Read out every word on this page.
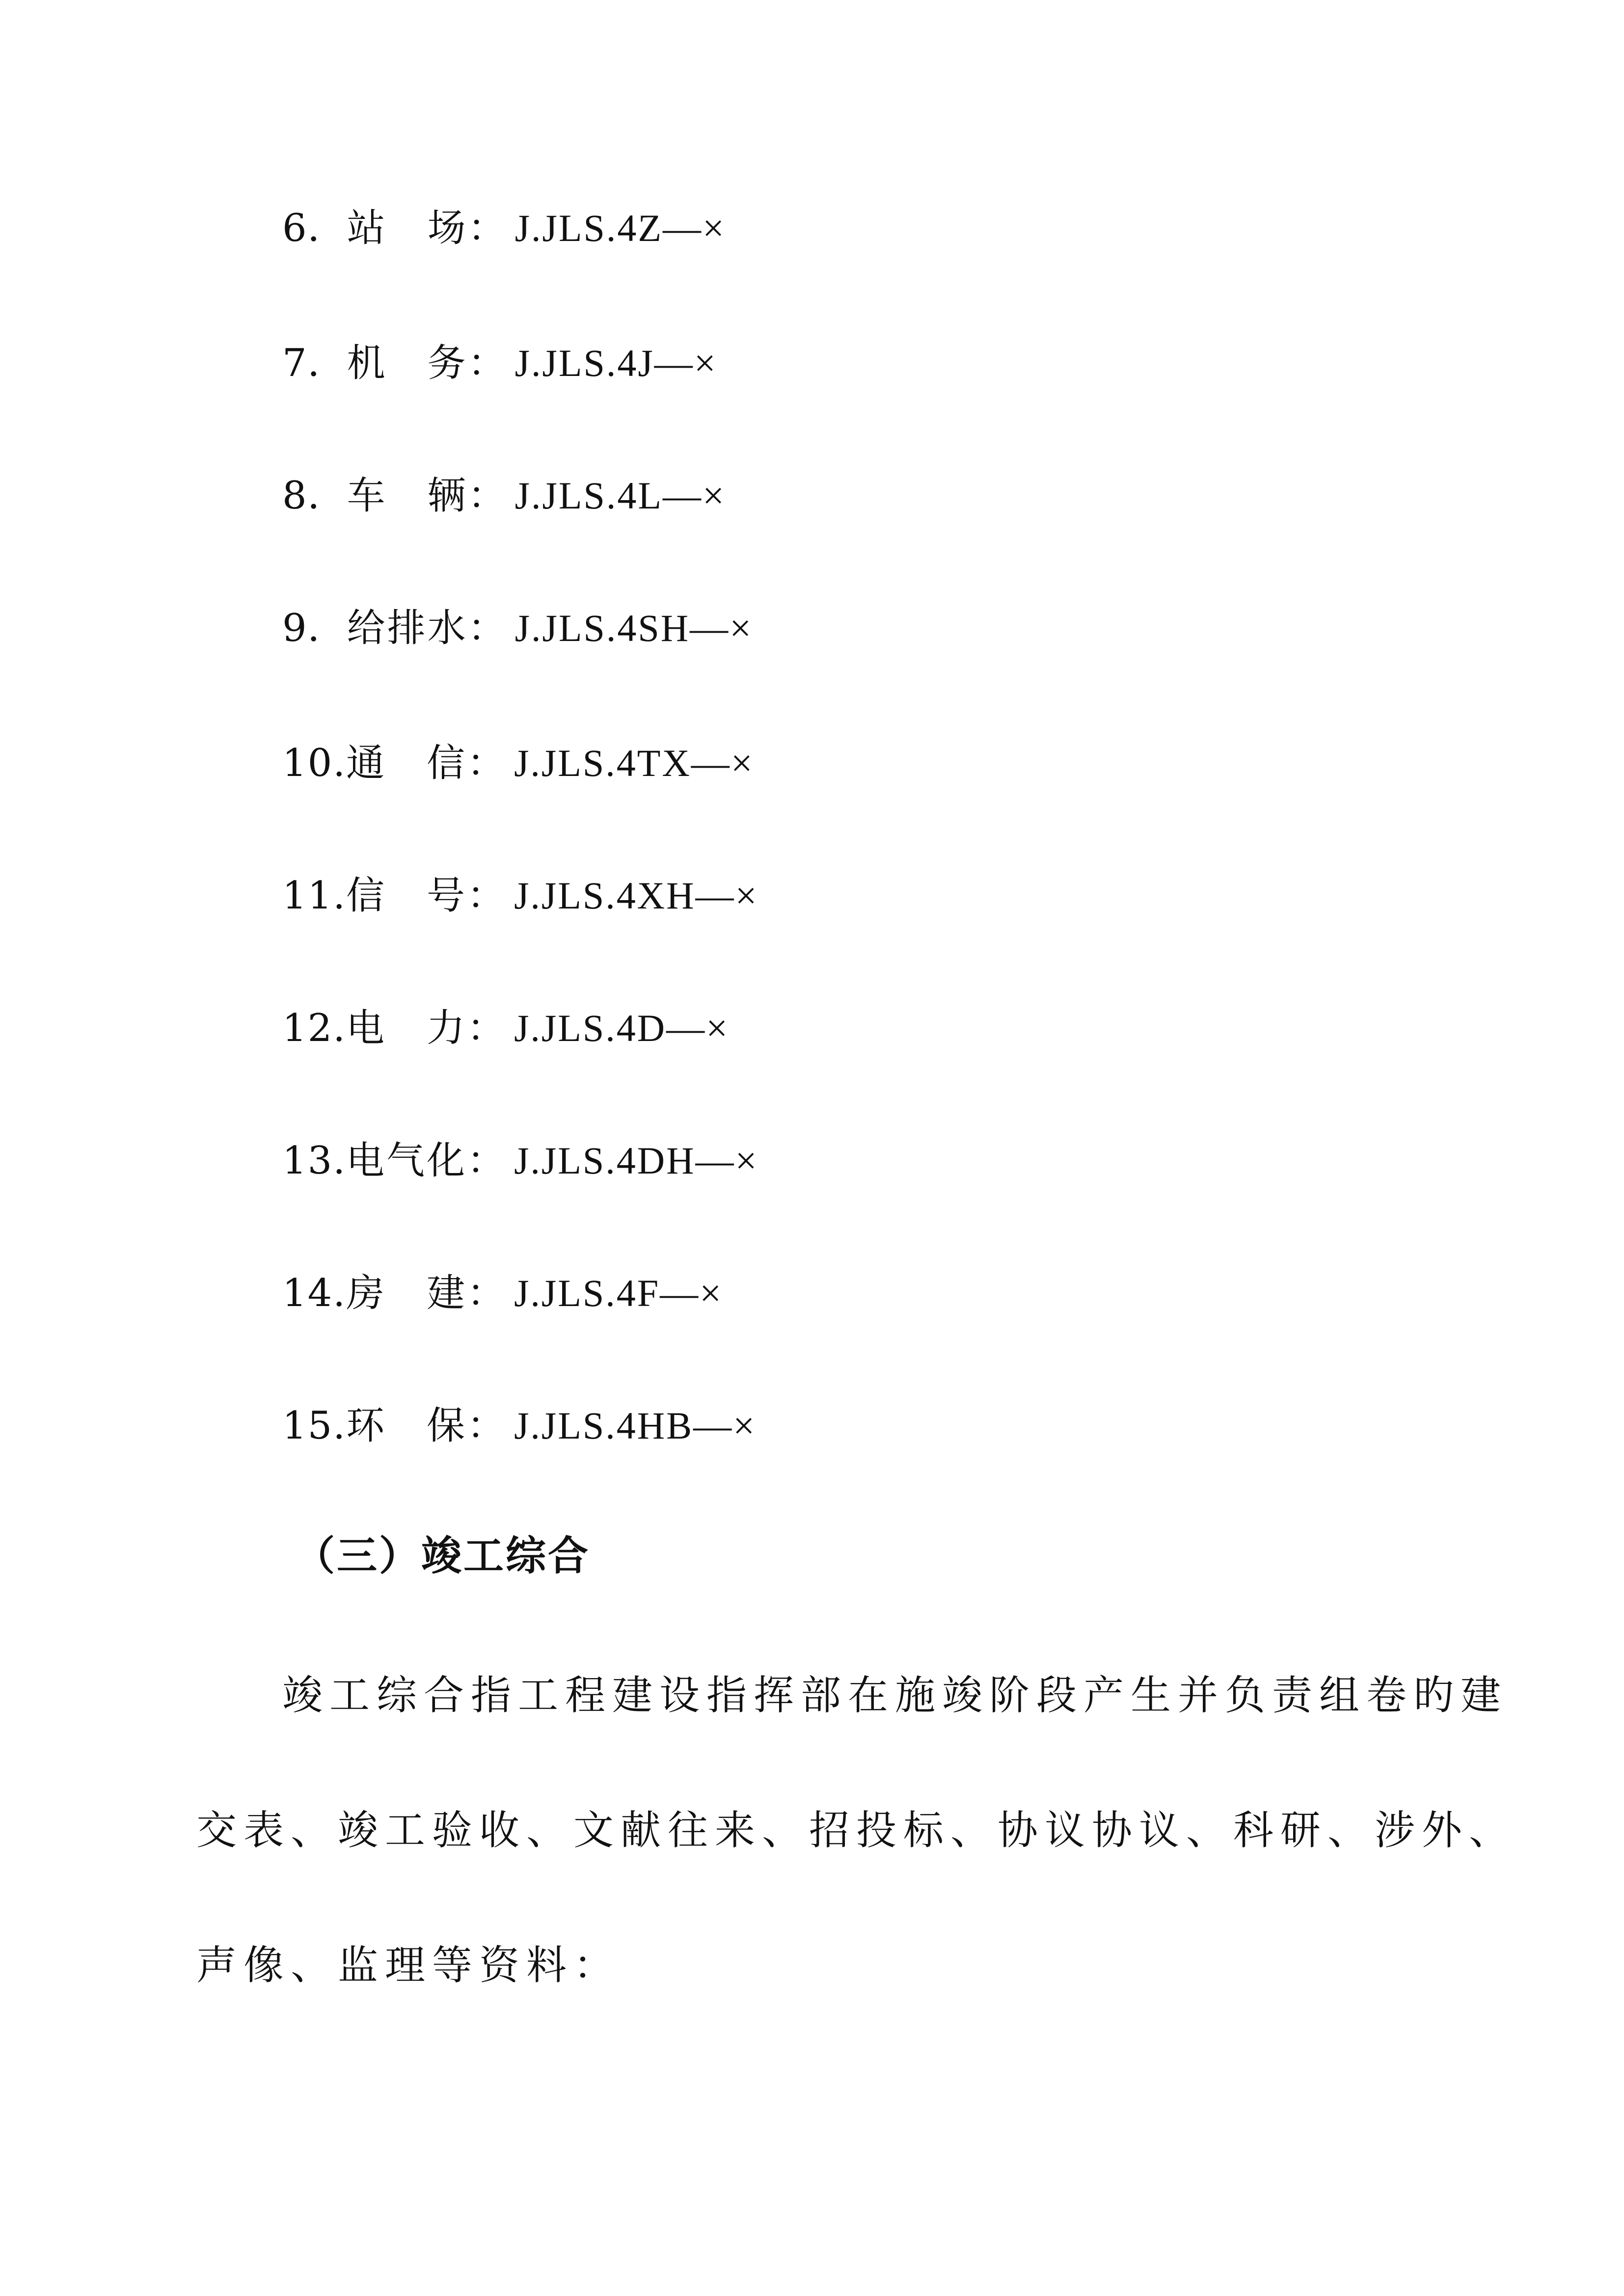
6．站　场： J.JLS.4Z—×
7．机　务： J.JLS.4J—×
8．车　辆： J.JLS.4L—×
9．给排水： J.JLS.4SH—×
10.通　信： J.JLS.4TX—×
11.信　号： J.JLS.4XH—×
12.电　力： J.JLS.4D—×
13.电气化： J.JLS.4DH—×
14.房　建： J.JLS.4F—×
15.环　保： J.JLS.4HB—×
（三）竣工综合
竣工综合指工程建设指挥部在施竣阶段产生并负责组卷旳建
交表、竣工验收、文献往来、招投标、协议协议、科研、涉外、
声像、监理等资料：
